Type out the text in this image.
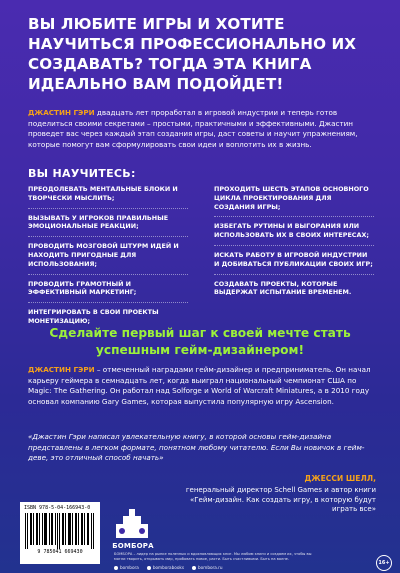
ВЫ ЛЮБИТЕ ИГРЫ И ХОТИТЕ НАУЧИТЬСЯ ПРОФЕССИОНАЛЬНО ИХ СОЗДАВАТЬ? ТОГДА ЭТА КНИГА ИДЕАЛЬНО ВАМ ПОДОЙДЕТ!
ДЖАСТИН ГЭРИ двадцать лет проработал в игровой индустрии и теперь готов поделиться своими секретами – простыми, практичными и эффективными. Джастин проведет вас через каждый этап создания игры, даст советы и научит упражнениям, которые помогут вам сформулировать свои идеи и воплотить их в жизнь.
ВЫ НАУЧИТЕСЬ:
ПРЕОДОЛЕВАТЬ МЕНТАЛЬНЫЕ БЛОКИ И ТВОРЧЕСКИ МЫСЛИТЬ;
ВЫЗЫВАТЬ У ИГРОКОВ ПРАВИЛЬНЫЕ ЭМОЦИОНАЛЬНЫЕ РЕАКЦИИ;
ПРОВОДИТЬ МОЗГОВОЙ ШТУРМ ИДЕЙ И НАХОДИТЬ ПРИГОДНЫЕ ДЛЯ ИСПОЛЬЗОВАНИЯ;
ПРОВОДИТЬ ГРАМОТНЫЙ И ЭФФЕКТИВНЫЙ МАРКЕТИНГ;
ИНТЕГРИРОВАТЬ В СВОИ ПРОЕКТЫ МОНЕТИЗАЦИЮ;
ПРОХОДИТЬ ШЕСТЬ ЭТАПОВ ОСНОВНОГО ЦИКЛА ПРОЕКТИРОВАНИЯ ДЛЯ СОЗДАНИЯ ИГРЫ;
ИЗБЕГАТЬ РУТИНЫ И ВЫГОРАНИЯ ИЛИ ИСПОЛЬЗОВАТЬ ИХ В СВОИХ ИНТЕРЕСАХ;
ИСКАТЬ РАБОТУ В ИГРОВОЙ ИНДУСТРИИ И ДОБИВАТЬСЯ ПУБЛИКАЦИИ СВОИХ ИГР;
СОЗДАВАТЬ ПРОЕКТЫ, КОТОРЫЕ ВЫДЕРЖАТ ИСПЫТАНИЕ ВРЕМЕНЕМ.
Сделайте первый шаг к своей мечте стать успешным гейм-дизайнером!
ДЖАСТИН ГЭРИ – отмеченный наградами гейм-дизайнер и предприниматель. Он начал карьеру геймера в семнадцать лет, когда выиграл национальный чемпионат США по Magic: The Gathering. Он работал над Solforge и World of Warcraft Miniatures, а в 2010 году основал компанию Gary Games, которая выпустила популярную игру Ascension.
«Джастин Гэри написал увлекательную книгу, в которой основы гейм-дизайна представлены в легком формате, понятном любому читателю. Если Вы новичок в гейм-деве, это отличный способ начать»
ДЖЕССИ ШЕЛЛ,
генеральный директор Schell Games и автор книги «Гейм-дизайн. Как создать игру, в которую будут играть все»
ISBN 978-5-04-166943-0
9 785041 669430
БОМБОРА
БОМБОРА – лидер на рынке полезных и вдохновляющих книг. Мы любим книги и создаем их, чтобы вы могли творить, открывать мир, пробовать новое, расти. Быть счастливыми. Быть на волне.
bombora	bomborabooks	bombora.ru
16+
